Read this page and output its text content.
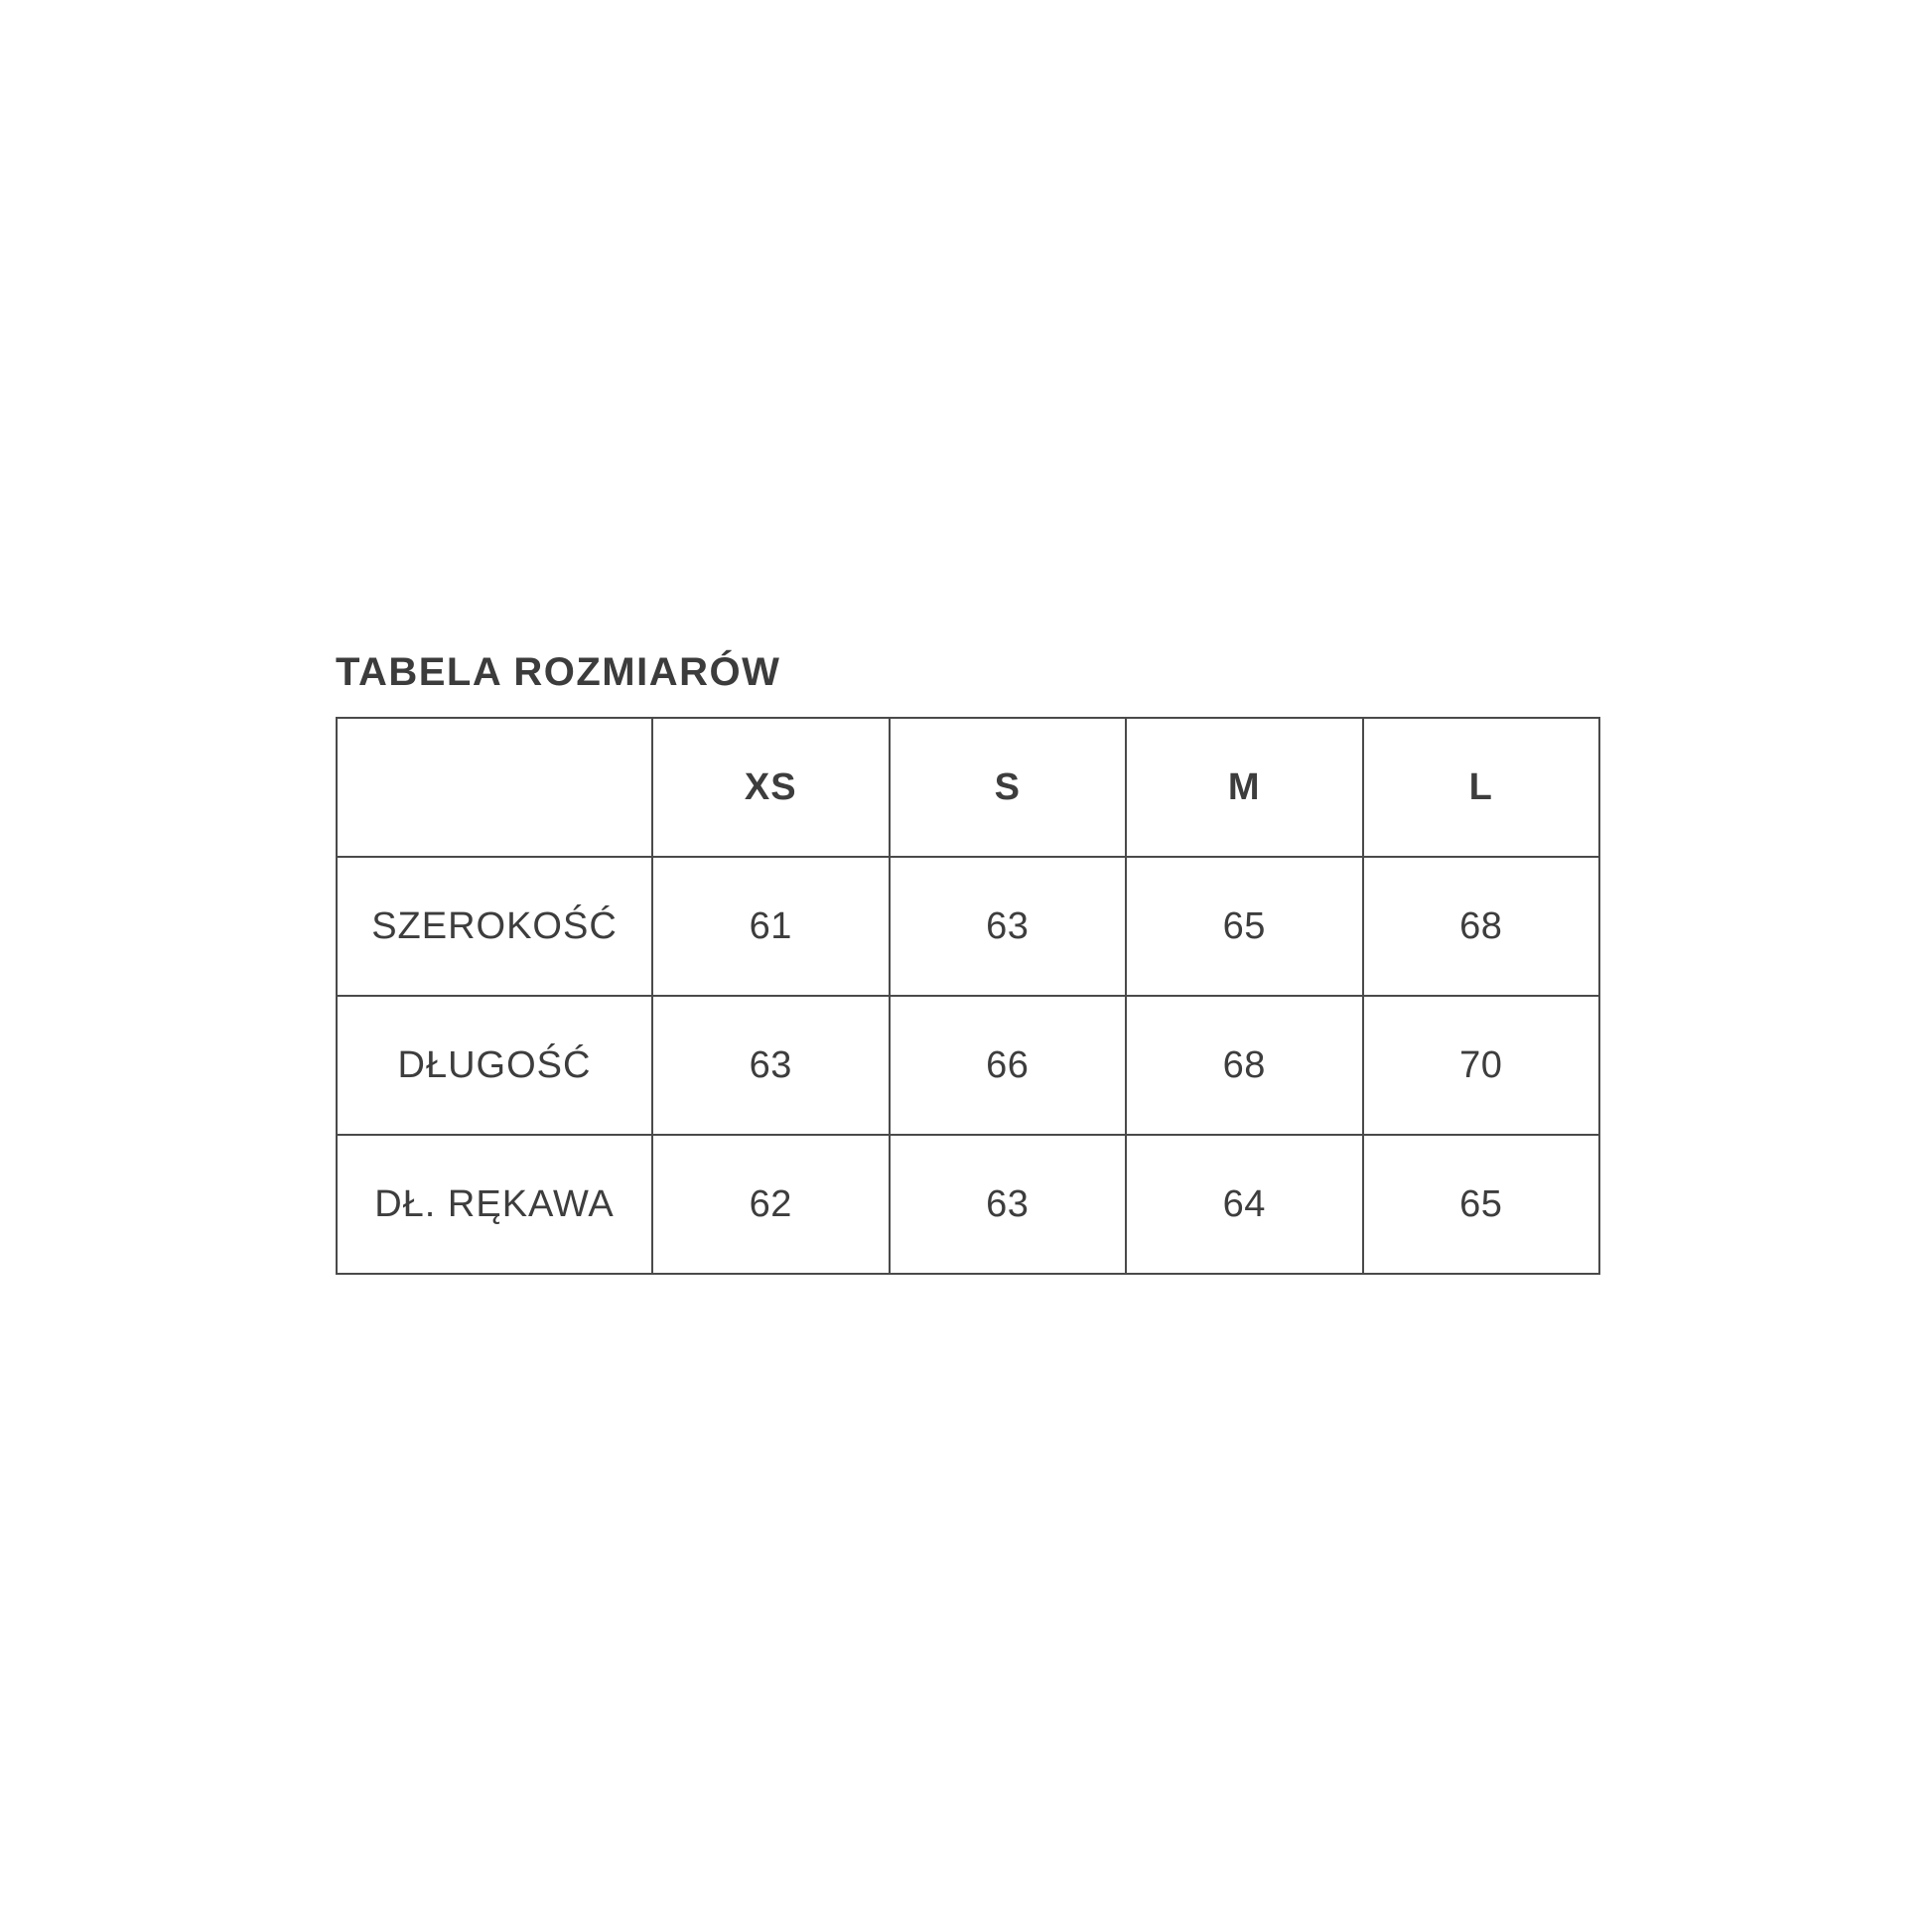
TABELA ROZMIARÓW
	XS	S	M	L
SZEROKOŚĆ	61	63	65	68
DŁUGOŚĆ	63	66	68	70
DŁ. RĘKAWA	62	63	64	65
